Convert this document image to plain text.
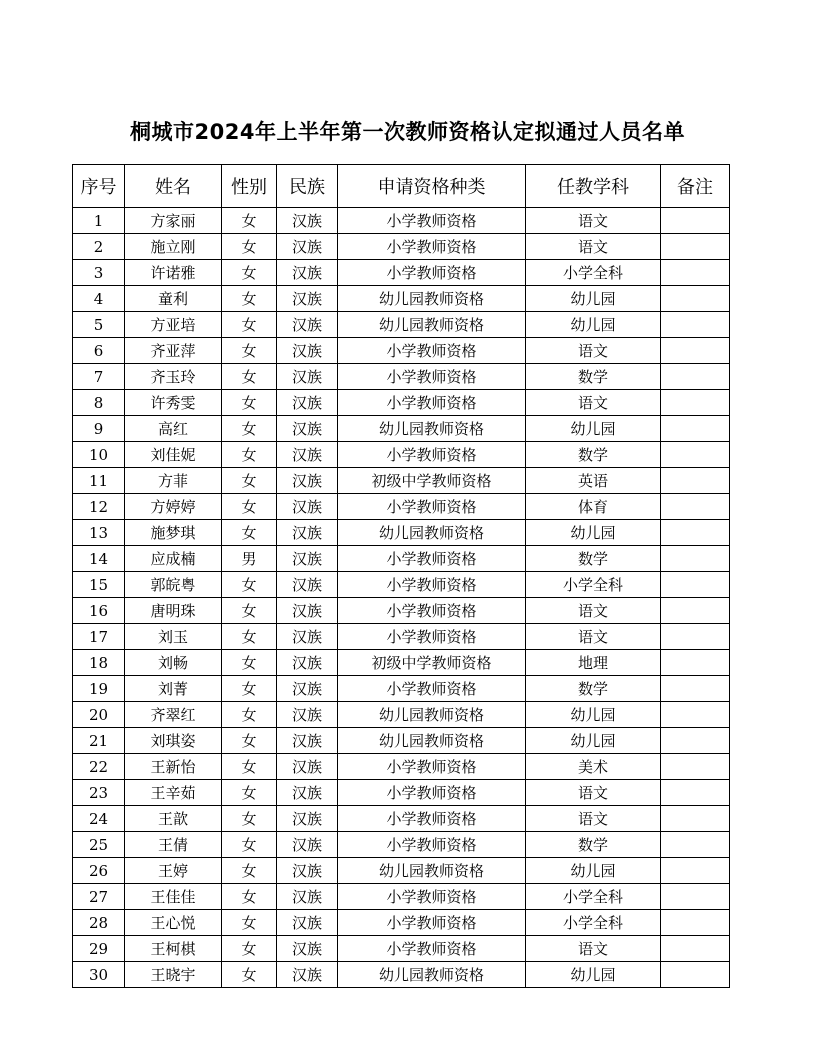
桐城市2024年上半年第一次教师资格认定拟通过人员名单
序号	姓名	性别	民族	申请资格种类	任教学科	备注
1	方家丽	女	汉族	小学教师资格	语文	
2	施立刚	女	汉族	小学教师资格	语文	
3	许诺雅	女	汉族	小学教师资格	小学全科	
4	童利	女	汉族	幼儿园教师资格	幼儿园	
5	方亚培	女	汉族	幼儿园教师资格	幼儿园	
6	齐亚萍	女	汉族	小学教师资格	语文	
7	齐玉玲	女	汉族	小学教师资格	数学	
8	许秀雯	女	汉族	小学教师资格	语文	
9	高红	女	汉族	幼儿园教师资格	幼儿园	
10	刘佳妮	女	汉族	小学教师资格	数学	
11	方菲	女	汉族	初级中学教师资格	英语	
12	方婷婷	女	汉族	小学教师资格	体育	
13	施梦琪	女	汉族	幼儿园教师资格	幼儿园	
14	应成楠	男	汉族	小学教师资格	数学	
15	郭皖粤	女	汉族	小学教师资格	小学全科	
16	唐明珠	女	汉族	小学教师资格	语文	
17	刘玉	女	汉族	小学教师资格	语文	
18	刘畅	女	汉族	初级中学教师资格	地理	
19	刘菁	女	汉族	小学教师资格	数学	
20	齐翠红	女	汉族	幼儿园教师资格	幼儿园	
21	刘琪姿	女	汉族	幼儿园教师资格	幼儿园	
22	王新怡	女	汉族	小学教师资格	美术	
23	王辛茹	女	汉族	小学教师资格	语文	
24	王歆	女	汉族	小学教师资格	语文	
25	王倩	女	汉族	小学教师资格	数学	
26	王婷	女	汉族	幼儿园教师资格	幼儿园	
27	王佳佳	女	汉族	小学教师资格	小学全科	
28	王心悦	女	汉族	小学教师资格	小学全科	
29	王柯棋	女	汉族	小学教师资格	语文	
30	王晓宇	女	汉族	幼儿园教师资格	幼儿园	
